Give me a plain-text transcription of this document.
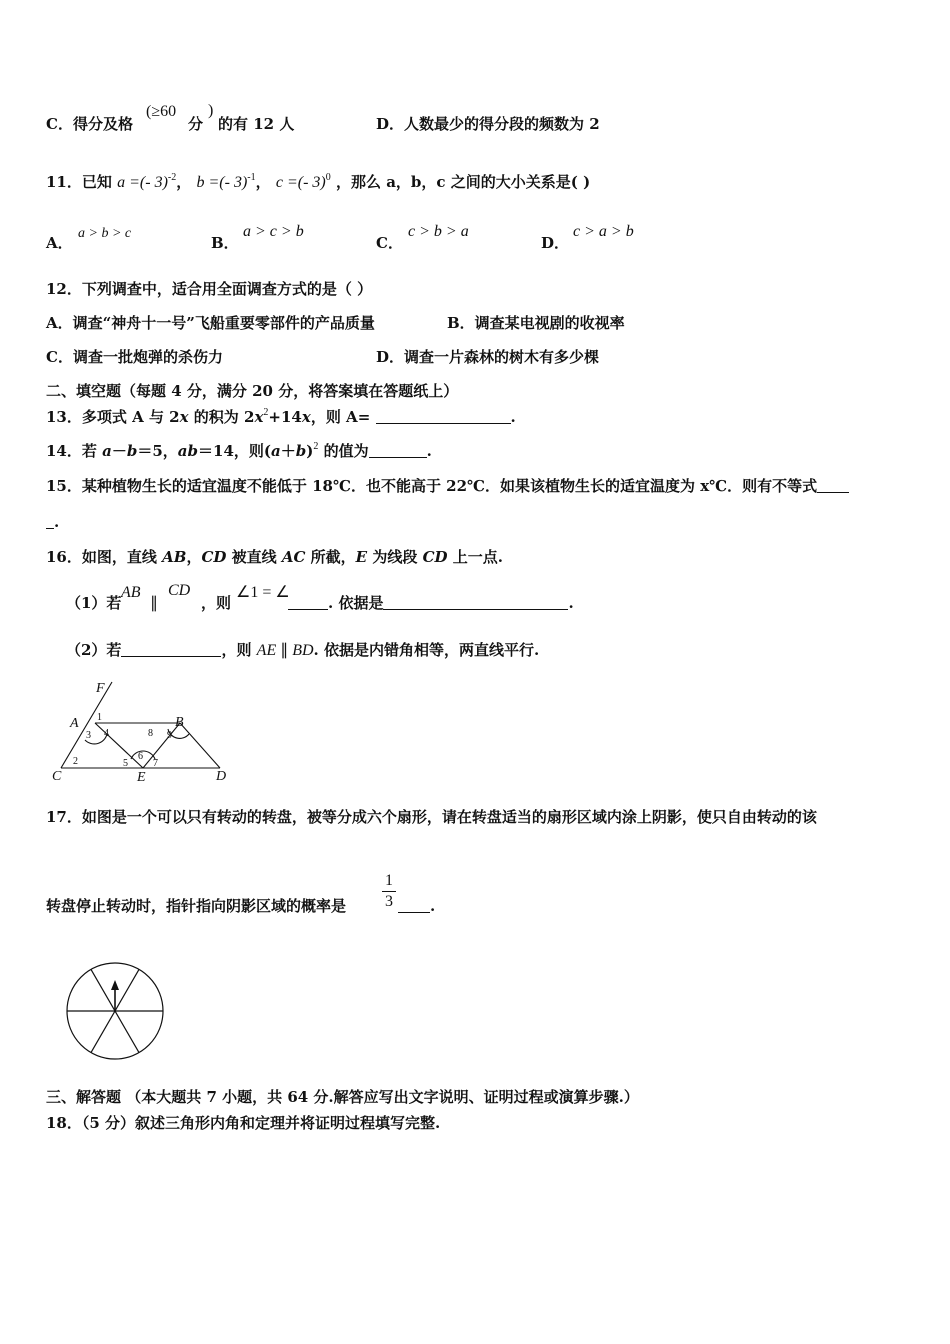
C．得分及格
(≥60
分
)
的有 12 人	D．人数最少的得分段的频数为 2
11．已知 a =(- 3)$^{-2}$， b =(- 3)$^{-1}$， c =(- 3)$^0$ ，那么 a，b，c 之间的大小关系是( )
A．
a > b > c
B．
a > c > b
C．
c > b > a
D．
c > a > b
12．下列调查中，适合用全面调查方式的是（ ）
A．调查“神舟十一号”飞船重要零部件的产品质量	B．调查某电视剧的收视率
C．调查一批炮弹的杀伤力	D．调查一片森林的树木有多少棵
二、填空题（每题 4 分，满分 20 分，将答案填在答题纸上）
13．多项式 A 与 2x 的积为 $2x^2+14x$，则 A=	.
14．若 a－b＝5，ab＝14，则$(a+b)^2$ 的值为	.
15．某种植物生长的适宜温度不能低于 18℃．也不能高于 22℃．如果该植物生长的适宜温度为 x℃．则有不等式
.
16．如图，直线 AB，CD 被直线 AC 所截，E 为线段 CD 上一点.
（1）若
AB
∥
CD
，则
∠1 = ∠
. 依据是	.
（2）若	，则 AE ∥ BD. 依据是内错角相等，两直线平行.
F
A	B
C	E	D
1
2
3 4
5
6
7
8 9
17．如图是一个可以只有转动的转盘，被等分成六个扇形，请在转盘适当的扇形区域内涂上阴影，使只自由转动的该
转盘停止转动时，指针指向阴影区域的概率是
1
3	.
三、解答题 （本大题共 7 小题，共 64 分.解答应写出文字说明、证明过程或演算步骤.）
18．（5 分）叙述三角形内角和定理并将证明过程填写完整.
